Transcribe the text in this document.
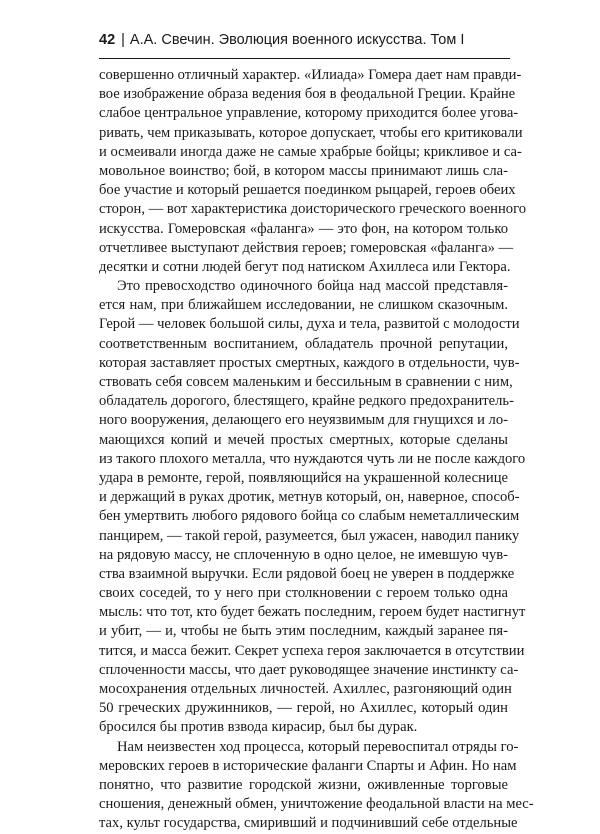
42 | А.А. Свечин. Эволюция военного искусства. Том I
совершенно отличный характер. «Илиада» Гомера дает нам правди-
вое изображение образа ведения боя в феодальной Греции. Крайне
слабое центральное управление, которому приходится более угова-
ривать, чем приказывать, которое допускает, чтобы его критиковали
и осмеивали иногда даже не самые храбрые бойцы; крикливое и са-
мовольное воинство; бой, в котором массы принимают лишь сла-
бое участие и который решается поединком рыцарей, героев обеих
сторон, — вот характеристика доисторического греческого военного
искусства. Гомеровская «фаланга» — это фон, на котором только
отчетливее выступают действия героев; гомеровская «фаланга» —
десятки и сотни людей бегут под натиском Ахиллеса или Гектора.
Это превосходство одиночного бойца над массой представля-
ется нам, при ближайшем исследовании, не слишком сказочным.
Герой — человек большой силы, духа и тела, развитой с молодости
соответственным воспитанием, обладатель прочной репутации,
которая заставляет простых смертных, каждого в отдельности, чув-
ствовать себя совсем маленьким и бессильным в сравнении с ним,
обладатель дорогого, блестящего, крайне редкого предохранитель-
ного вооружения, делающего его неуязвимым для гнущихся и ло-
мающихся копий и мечей простых смертных, которые сделаны
из такого плохого металла, что нуждаются чуть ли не после каждого
удара в ремонте, герой, появляющийся на украшенной колеснице
и держащий в руках дротик, метнув который, он, наверное, способ-
бен умертвить любого рядового бойца со слабым неметаллическим
панцирем, — такой герой, разумеется, был ужасен, наводил панику
на рядовую массу, не сплоченную в одно целое, не имевшую чув-
ства взаимной выручки. Если рядовой боец не уверен в поддержке
своих соседей, то у него при столкновении с героем только одна
мысль: что тот, кто будет бежать последним, героем будет настигнут
и убит, — и, чтобы не быть этим последним, каждый заранее пя-
тится, и масса бежит. Секрет успеха героя заключается в отсутствии
сплоченности массы, что дает руководящее значение инстинкту са-
мосохранения отдельных личностей. Ахиллес, разгоняющий один
50 греческих дружинников, — герой, но Ахиллес, который один
бросился бы против взвода кирасир, был бы дурак.
Нам неизвестен ход процесса, который перевоспитал отряды го-
меровских героев в исторические фаланги Спарты и Афин. Но нам
понятно, что развитие городской жизни, оживленные торговые
сношения, денежный обмен, уничтожение феодальной власти на мес-
тах, культ государства, смиривший и подчинивший себе отдельные
